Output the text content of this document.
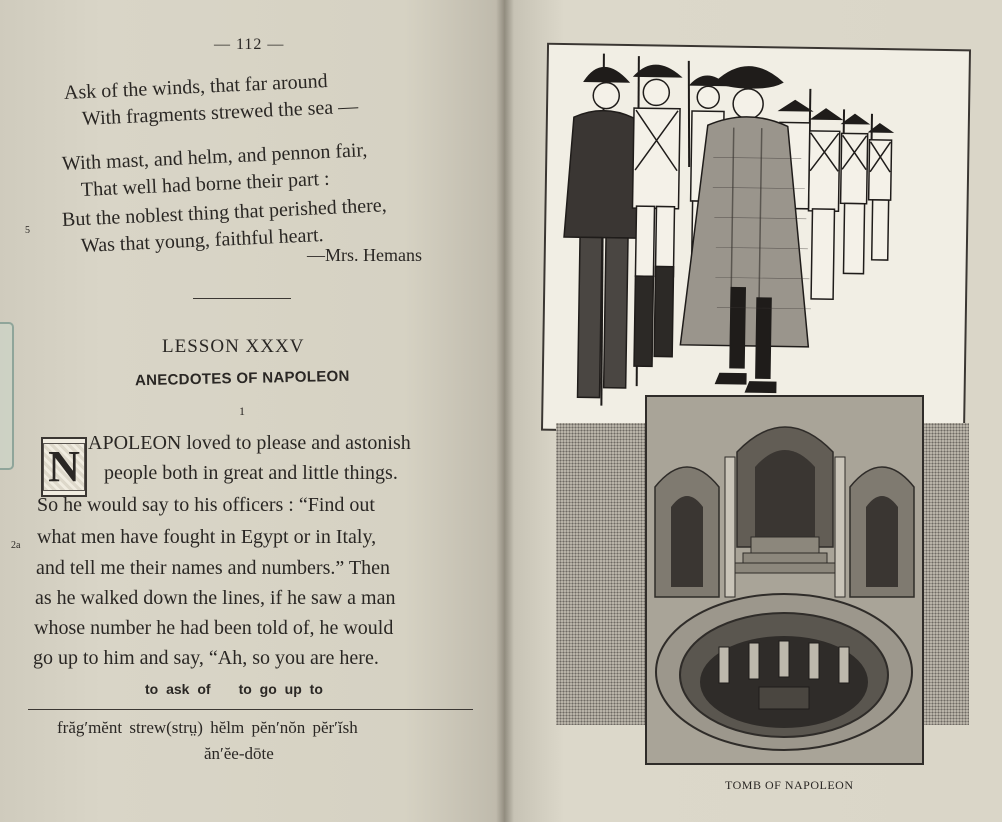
— 112 —
Ask of the winds, that far around
With fragments strewed the sea —
With mast, and helm, and pennon fair,
That well had borne their part :
But the noblest thing that perished there,
Was that young, faithful heart.
5
—Mrs. Hemans
LESSON XXXV
ANECDOTES OF NAPOLEON
1
N APOLEON loved to please and astonish
people both in great and little things.
So he would say to his officers : “Find out
what men have fought in Egypt or in Italy,
and tell me their names and numbers.” Then
as he walked down the lines, if he saw a man
whose number he had been told of, he would
go up to him and say, “Ah, so you are here.
2a
to ask of to go up to
frăg′mĕnt strew(strṳ) hĕlm pĕn′nŏn pĕr′ĭsh
ăn′ĕe-dōte
TOMB OF NAPOLEON
